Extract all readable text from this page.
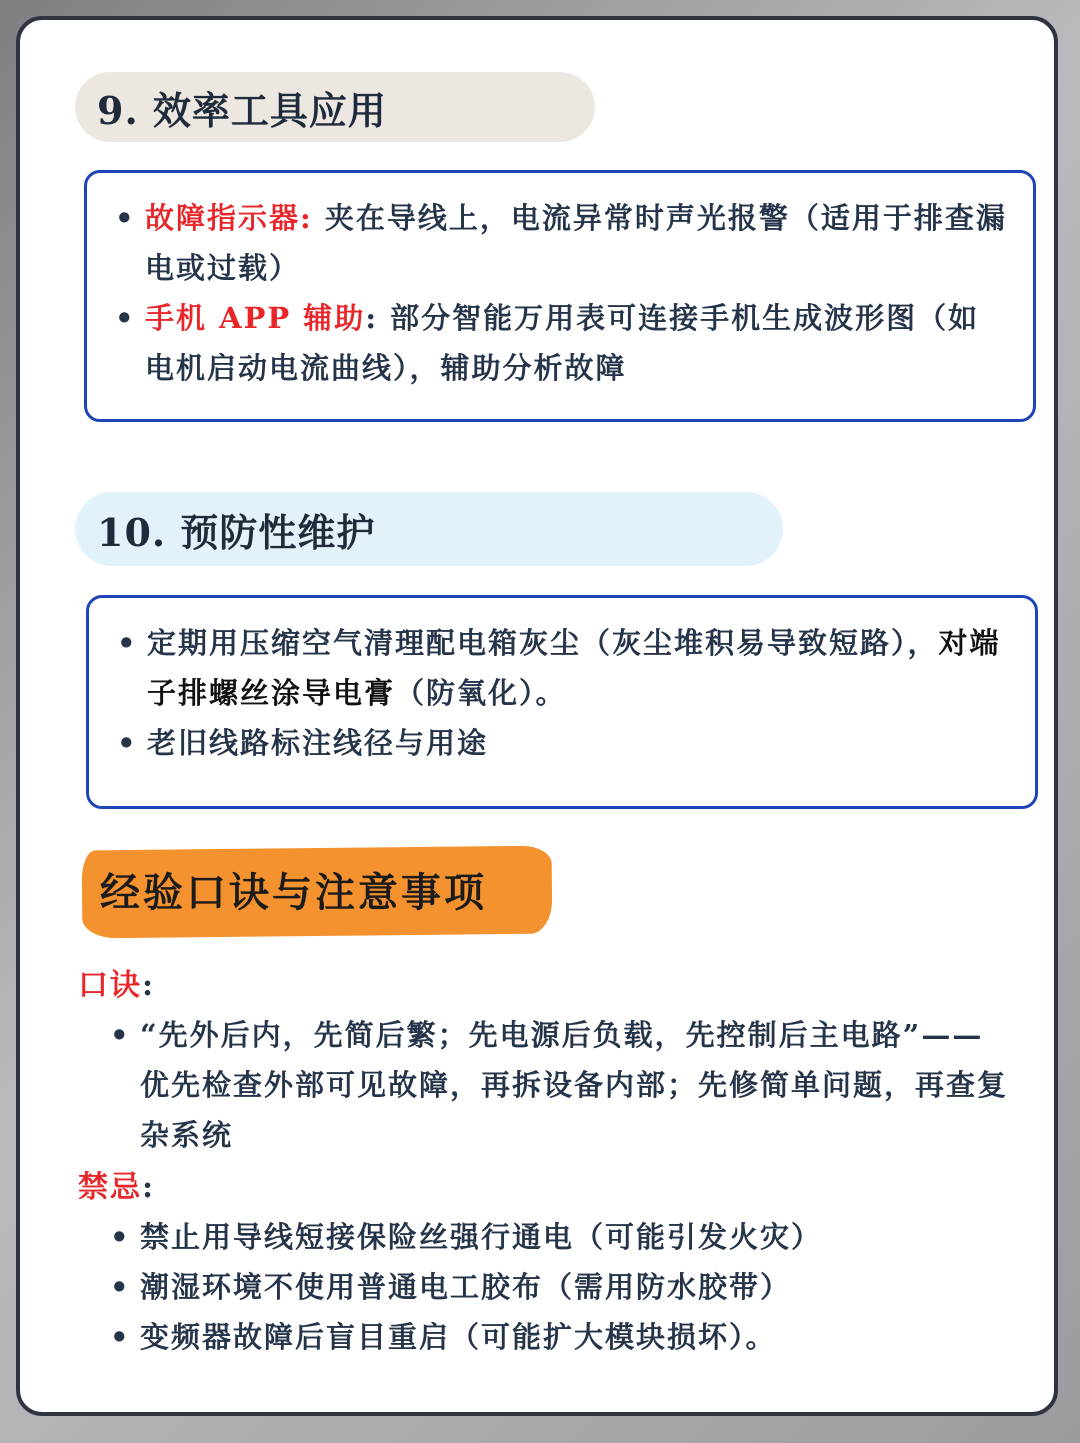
9. 效率工具应用
• 故障指示器: 夹在导线上，电流异常时声光报警（适用于排查漏电或过载）
• 手机 APP 辅助: 部分智能万用表可连接手机生成波形图（如电机启动电流曲线），辅助分析故障
10. 预防性维护
• 定期用压缩空气清理配电箱灰尘（灰尘堆积易导致短路），对端子排螺丝涂导电膏（防氧化）。
• 老旧线路标注线径与用途
经验口诀与注意事项
口诀:
• “先外后内，先简后繁；先电源后负载，先控制后主电路”—— 优先检查外部可见故障，再拆设备内部；先修简单问题，再查复杂系统
禁忌:
• 禁止用导线短接保险丝强行通电（可能引发火灾）
• 潮湿环境不使用普通电工胶布（需用防水胶带）
• 变频器故障后盲目重启（可能扩大模块损坏）。
